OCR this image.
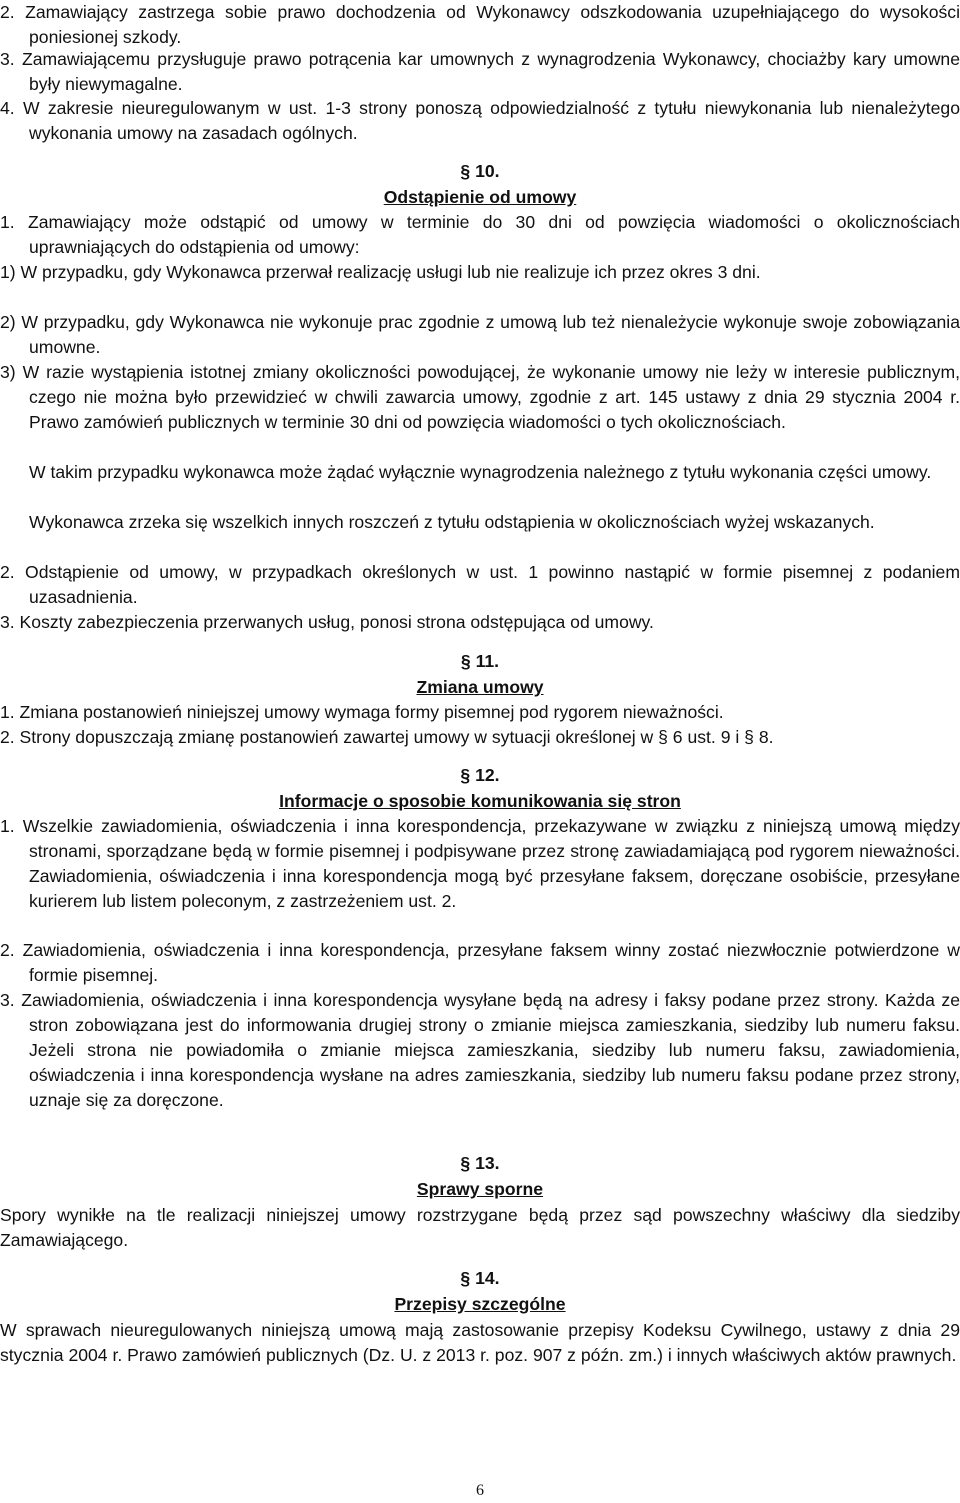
2. Zamawiający zastrzega sobie prawo dochodzenia od Wykonawcy odszkodowania uzupełniającego do wysokości poniesionej szkody.

3. Zamawiającemu przysługuje prawo potrącenia kar umownych z wynagrodzenia Wykonawcy, chociażby kary umowne były niewymagalne.

4. W zakresie nieuregulowanym w ust. 1-3 strony ponoszą odpowiedzialność z tytułu niewykonania lub nienależytego wykonania umowy na zasadach ogólnych.

§ 10.
Odstąpienie od umowy

1. Zamawiający może odstąpić od umowy w terminie do 30 dni od powzięcia wiadomości o okolicznościach uprawniających do odstąpienia od umowy:

1) W przypadku, gdy Wykonawca przerwał realizację usługi lub nie realizuje ich przez okres 3 dni.

2) W przypadku, gdy Wykonawca nie wykonuje prac zgodnie z umową lub też nienależycie wykonuje swoje zobowiązania umowne.

3) W razie wystąpienia istotnej zmiany okoliczności powodującej, że wykonanie umowy nie leży w interesie publicznym, czego nie można było przewidzieć w chwili zawarcia umowy, zgodnie z art. 145 ustawy z dnia 29 stycznia 2004 r. Prawo zamówień publicznych w terminie 30 dni od powzięcia wiadomości o tych okolicznościach.

W takim przypadku wykonawca może żądać wyłącznie wynagrodzenia należnego z tytułu wykonania części umowy.

Wykonawca zrzeka się wszelkich innych roszczeń z tytułu odstąpienia w okolicznościach wyżej wskazanych.

2. Odstąpienie od umowy, w przypadkach określonych w ust. 1 powinno nastąpić w formie pisemnej z podaniem uzasadnienia.

3. Koszty zabezpieczenia przerwanych usług, ponosi strona odstępująca od umowy.

§ 11.
Zmiana umowy

1. Zmiana postanowień niniejszej umowy wymaga formy pisemnej pod rygorem nieważności.

2. Strony dopuszczają zmianę postanowień zawartej umowy w sytuacji określonej w § 6 ust. 9 i § 8.

§ 12.
Informacje o sposobie komunikowania się stron

1. Wszelkie zawiadomienia, oświadczenia i inna korespondencja, przekazywane w związku z niniejszą umową między stronami, sporządzane będą w formie pisemnej i podpisywane przez stronę zawiadamiającą pod rygorem nieważności. Zawiadomienia, oświadczenia i inna korespondencja mogą być przesyłane faksem, doręczane osobiście, przesyłane kurierem lub listem poleconym, z zastrzeżeniem ust. 2.

2. Zawiadomienia, oświadczenia i inna korespondencja, przesyłane faksem winny zostać niezwłocznie potwierdzone w formie pisemnej.

3. Zawiadomienia, oświadczenia i inna korespondencja wysyłane będą na adresy i faksy podane przez strony. Każda ze stron zobowiązana jest do informowania drugiej strony o zmianie miejsca zamieszkania, siedziby lub numeru faksu. Jeżeli strona nie powiadomiła o zmianie miejsca zamieszkania, siedziby lub numeru faksu, zawiadomienia, oświadczenia i inna korespondencja wysłane na adres zamieszkania, siedziby lub numeru faksu podane przez strony, uznaje się za doręczone.

§ 13.
Sprawy sporne

Spory wynikłe na tle realizacji niniejszej umowy rozstrzygane będą przez sąd powszechny właściwy dla siedziby Zamawiającego.

§ 14.
Przepisy szczególne

W sprawach nieuregulowanych niniejszą umową mają zastosowanie przepisy Kodeksu Cywilnego, ustawy z dnia 29 stycznia 2004 r. Prawo zamówień publicznych (Dz. U. z 2013 r. poz. 907 z późn. zm.) i innych właściwych aktów prawnych.

6
